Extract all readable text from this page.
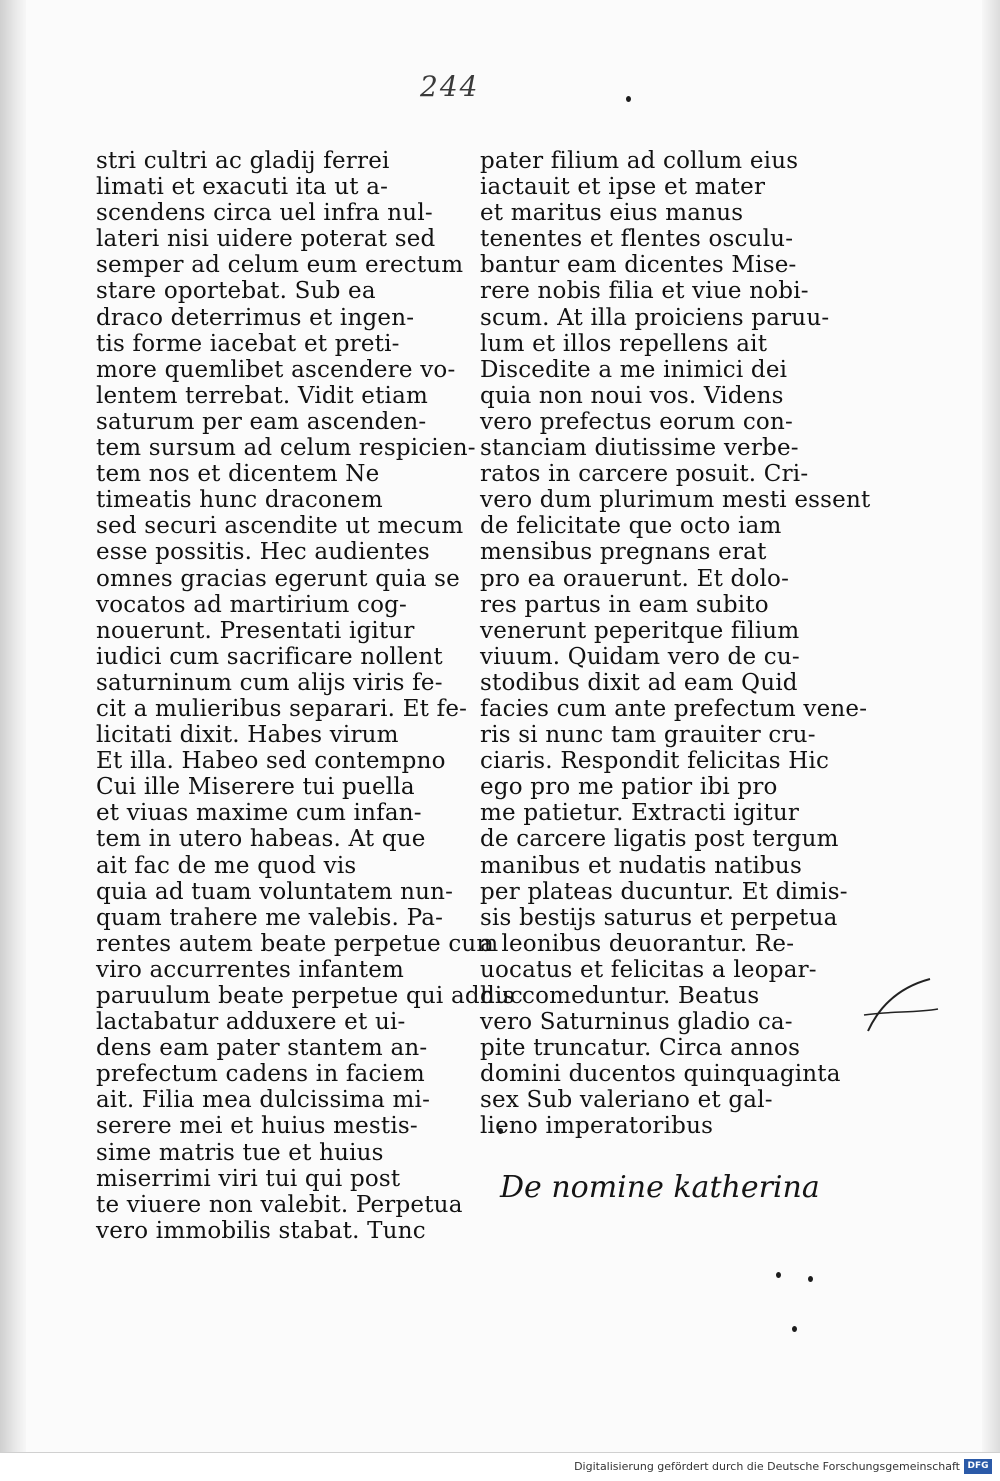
244
stri cultri ac gladij ferrei
limati et exacuti ita ut a-
scendens circa uel infra nul-
lateri nisi uidere poterat sed
semper ad celum eum erectum
stare oportebat. Sub ea
draco deterrimus et ingen-
tis forme iacebat et preti-
more quemlibet ascendere vo-
lentem terrebat. Vidit etiam
saturum per eam ascenden-
tem sursum ad celum respicien-
tem nos et dicentem Ne
timeatis hunc draconem
sed securi ascendite ut mecum
esse possitis. Hec audientes
omnes gracias egerunt quia se
vocatos ad martirium cog-
nouerunt. Presentati igitur
iudici cum sacrificare nollent
saturninum cum alijs viris fe-
cit a mulieribus separari. Et fe-
licitati dixit. Habes virum
Et illa. Habeo sed contempno
Cui ille Miserere tui puella
et viuas maxime cum infan-
tem in utero habeas. At que
ait fac de me quod vis
quia ad tuam voluntatem nun-
quam trahere me valebis. Pa-
rentes autem beate perpetue cum
viro accurrentes infantem
paruulum beate perpetue qui adhuc
lactabatur adduxere et ui-
dens eam pater stantem an-
prefectum cadens in faciem
ait. Filia mea dulcissima mi-
serere mei et huius mestis-
sime matris tue et huius
miserrimi viri tui qui post
te viuere non valebit. Perpetua
vero immobilis stabat. Tunc
pater filium ad collum eius
iactauit et ipse et mater
et maritus eius manus
tenentes et flentes osculu-
bantur eam dicentes Mise-
rere nobis filia et viue nobi-
scum. At illa proiciens paruu-
lum et illos repellens ait
Discedite a me inimici dei
quia non noui vos. Videns
vero prefectus eorum con-
stanciam diutissime verbe-
ratos in carcere posuit. Cri-
vero dum plurimum mesti essent
de felicitate que octo iam
mensibus pregnans erat
pro ea orauerunt. Et dolo-
res partus in eam subito
venerunt peperitque filium
viuum. Quidam vero de cu-
stodibus dixit ad eam Quid
facies cum ante prefectum vene-
ris si nunc tam grauiter cru-
ciaris. Respondit felicitas Hic
ego pro me patior ibi pro
me patietur. Extracti igitur
de carcere ligatis post tergum
manibus et nudatis natibus
per plateas ducuntur. Et dimis-
sis bestijs saturus et perpetua
a leonibus deuorantur. Re-
uocatus et felicitas a leopar-
dis comeduntur. Beatus
vero Saturninus gladio ca-
pite truncatur. Circa annos
domini ducentos quinquaginta
sex Sub valeriano et gal-
lieno imperatoribus
De nomine katherina
Digitalisierung gefördert durch die Deutsche Forschungsgemeinschaft DFG
